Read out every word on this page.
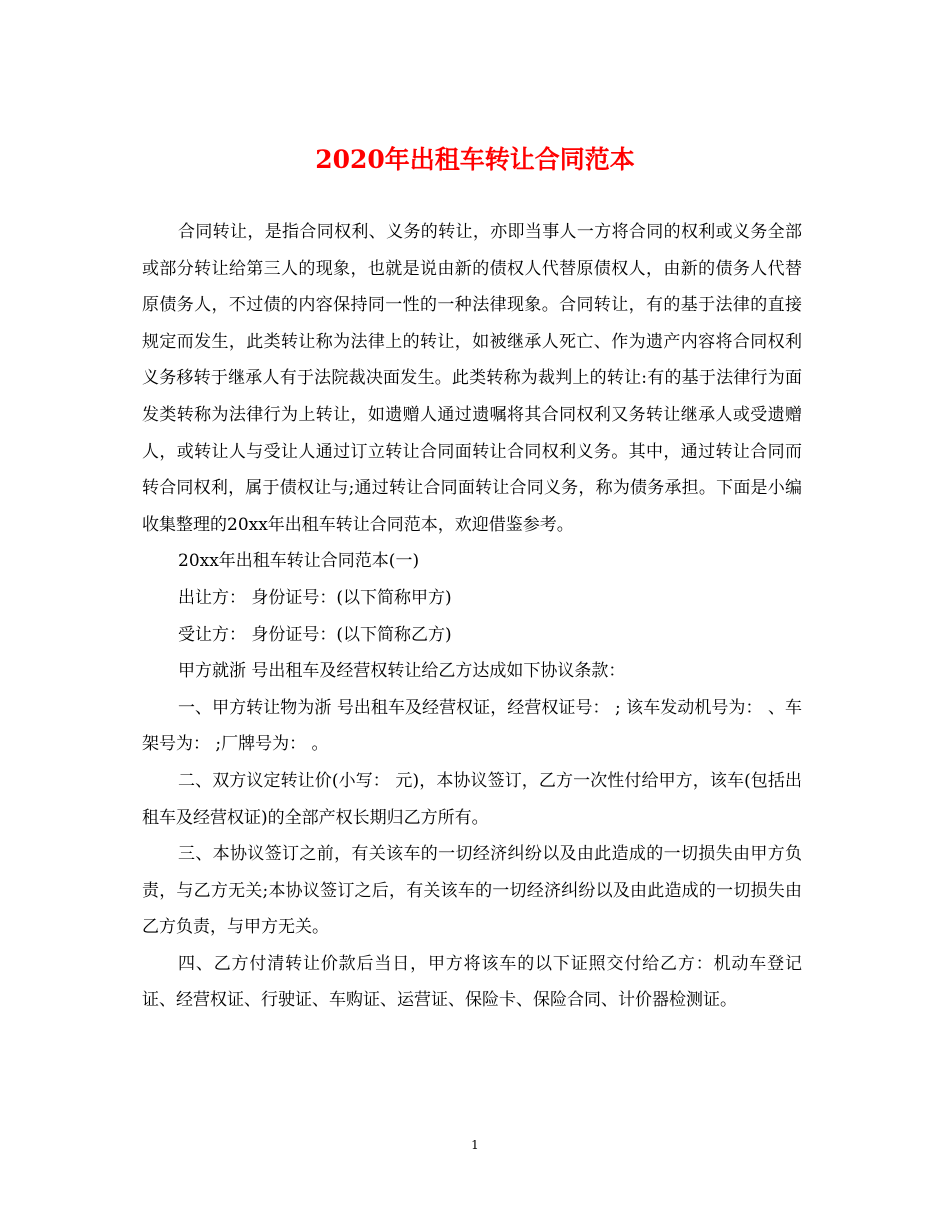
2020年出租车转让合同范本

合同转让，是指合同权利、义务的转让，亦即当事人一方将合同的权利或义务全部或部分转让给第三人的现象，也就是说由新的债权人代替原债权人，由新的债务人代替原债务人，不过债的内容保持同一性的一种法律现象。合同转让，有的基于法律的直接规定而发生，此类转让称为法律上的转让，如被继承人死亡、作为遗产内容将合同权利义务移转于继承人有于法院裁决面发生。此类转称为裁判上的转让:有的基于法律行为面发类转称为法律行为上转让，如遗赠人通过遗嘱将其合同权利又务转让继承人或受遗赠人，或转让人与受让人通过订立转让合同面转让合同权利义务。其中，通过转让合同而转合同权利，属于债权让与;通过转让合同面转让合同义务，称为债务承担。下面是小编收集整理的20xx年出租车转让合同范本，欢迎借鉴参考。

20xx年出租车转让合同范本(一)

出让方： 身份证号：(以下简称甲方)

受让方： 身份证号：(以下简称乙方)

甲方就浙 号出租车及经营权转让给乙方达成如下协议条款：

一、甲方转让物为浙 号出租车及经营权证，经营权证号： ; 该车发动机号为： 、车架号为： ;厂牌号为： 。

二、双方议定转让价(小写： 元)，本协议签订，乙方一次性付给甲方，该车(包括出租车及经营权证)的全部产权长期归乙方所有。

三、本协议签订之前，有关该车的一切经济纠纷以及由此造成的一切损失由甲方负责，与乙方无关;本协议签订之后，有关该车的一切经济纠纷以及由此造成的一切损失由乙方负责，与甲方无关。

四、乙方付清转让价款后当日，甲方将该车的以下证照交付给乙方：机动车登记证、经营权证、行驶证、车购证、运营证、保险卡、保险合同、计价器检测证。

1
